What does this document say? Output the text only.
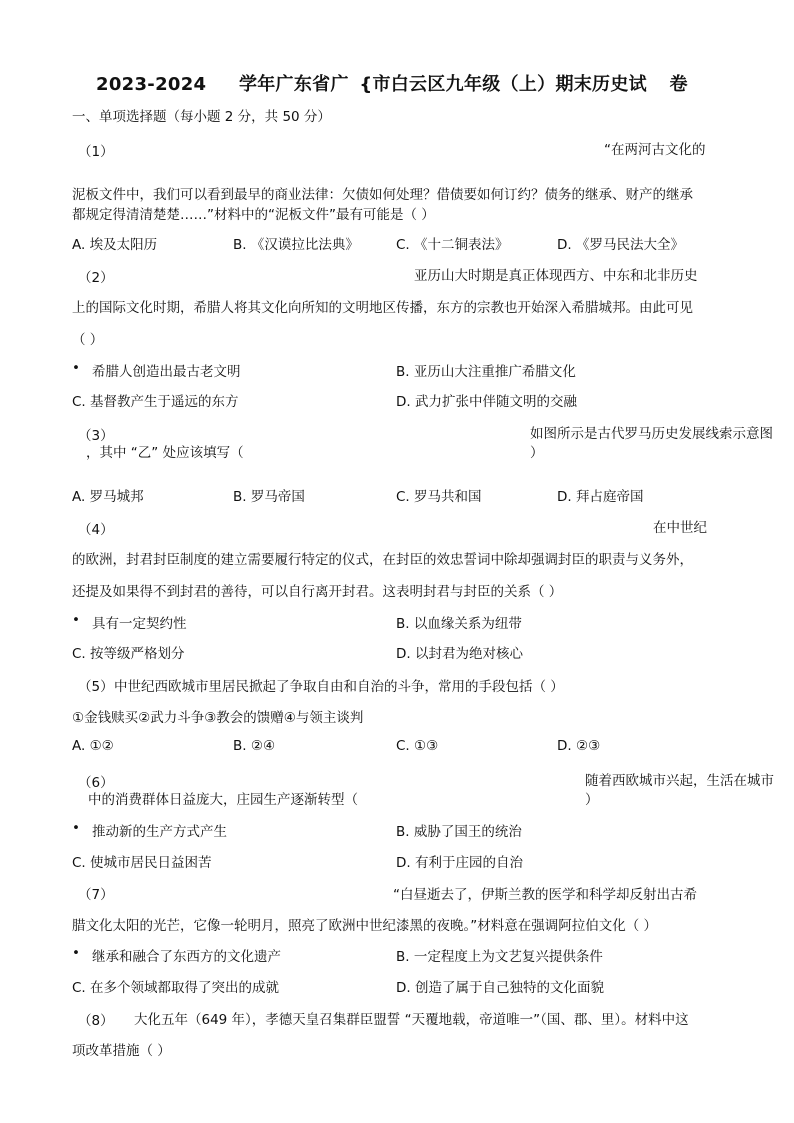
2023-2024 学年广东省广 {市白云区九年级（上）期末历史试 卷
一、单项选择题（每小题 2 分，共 50 分）
（1）	“在两河古文化的
泥板文件中，我们可以看到最早的商业法律：欠债如何处理？借债要如何订约？债务的继承、财产的继承
都规定得清清楚楚……”材料中的“泥板文件”最有可能是（ ）
A. 埃及太阳历	B. 《汉谟拉比法典》	C. 《十二铜表法》	D. 《罗马民法大全》
（2）	亚历山大时期是真正体现西方、中东和北非历史
上的国际文化时期，希腊人将其文化向所知的文明地区传播，东方的宗教也开始深入希腊城邦。由此可见
（ ）
• 希腊人创造出最古老文明	B. 亚历山大注重推广希腊文化
C. 基督教产生于遥远的东方	D. 武力扩张中伴随文明的交融
（3）	如图所示是古代罗马历史发展线索示意图
，其中 “乙” 处应该填写（	）
A. 罗马城邦	B. 罗马帝国	C. 罗马共和国	D. 拜占庭帝国
（4）	在中世纪
的欧洲，封君封臣制度的建立需要履行特定的仪式，在封臣的效忠誓词中除却强调封臣的职责与义务外，
还提及如果得不到封君的善待，可以自行离开封君。这表明封君与封臣的关系（ ）
• 具有一定契约性	B. 以血缘关系为纽带
C. 按等级严格划分	D. 以封君为绝对核心
（5） 中世纪西欧城市里居民掀起了争取自由和自治的斗争，常用的手段包括（ ）
①金钱赎买②武力斗争③教会的馈赠④与领主谈判
A. ①②	B. ②④	C. ①③	D. ②③
（6）	随着西欧城市兴起，生活在城市
中的消费群体日益庞大，庄园生产逐渐转型（	）
• 推动新的生产方式产生	B. 威胁了国王的统治
C. 使城市居民日益困苦	D. 有利于庄园的自治
（7）	“白昼逝去了，伊斯兰教的医学和科学却反射出古希
腊文化太阳的光芒，它像一轮明月，照亮了欧洲中世纪漆黑的夜晚。”材料意在强调阿拉伯文化（ ）
• 继承和融合了东西方的文化遗产	B. 一定程度上为文艺复兴提供条件
C. 在多个领域都取得了突出的成就	D. 创造了属于自己独特的文化面貌
（8） 大化五年（649 年），孝德天皇召集群臣盟誓 “天覆地载，帝道唯一”（国、郡、里）。材料中这
项改革措施（ ）
